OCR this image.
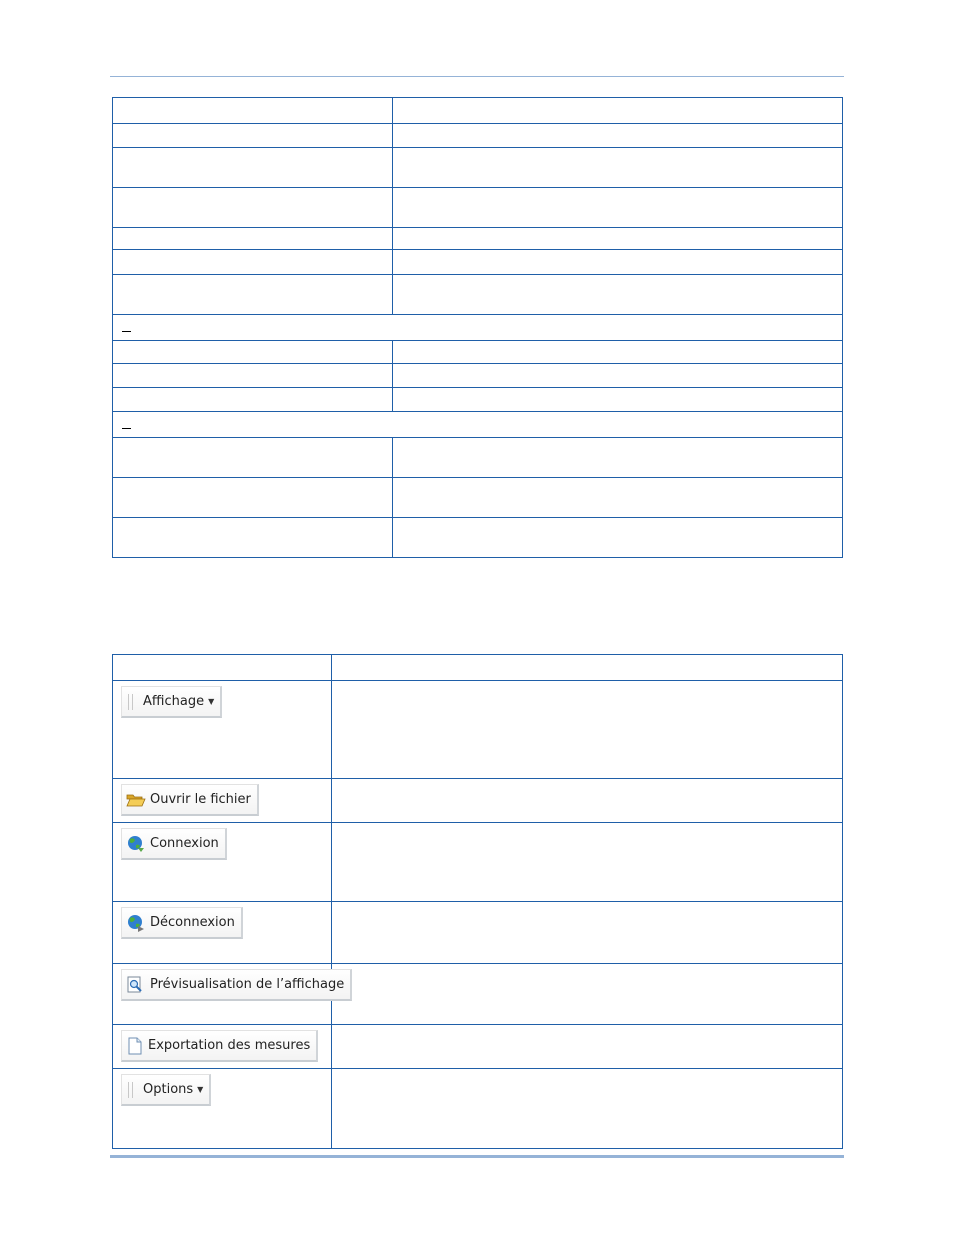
Affichage ▼	

Ouvrir le fichier	

Connexion	

Déconnexion	

Prévisualisation de l’affichage	

Exportation des mesures	

Options ▼	
